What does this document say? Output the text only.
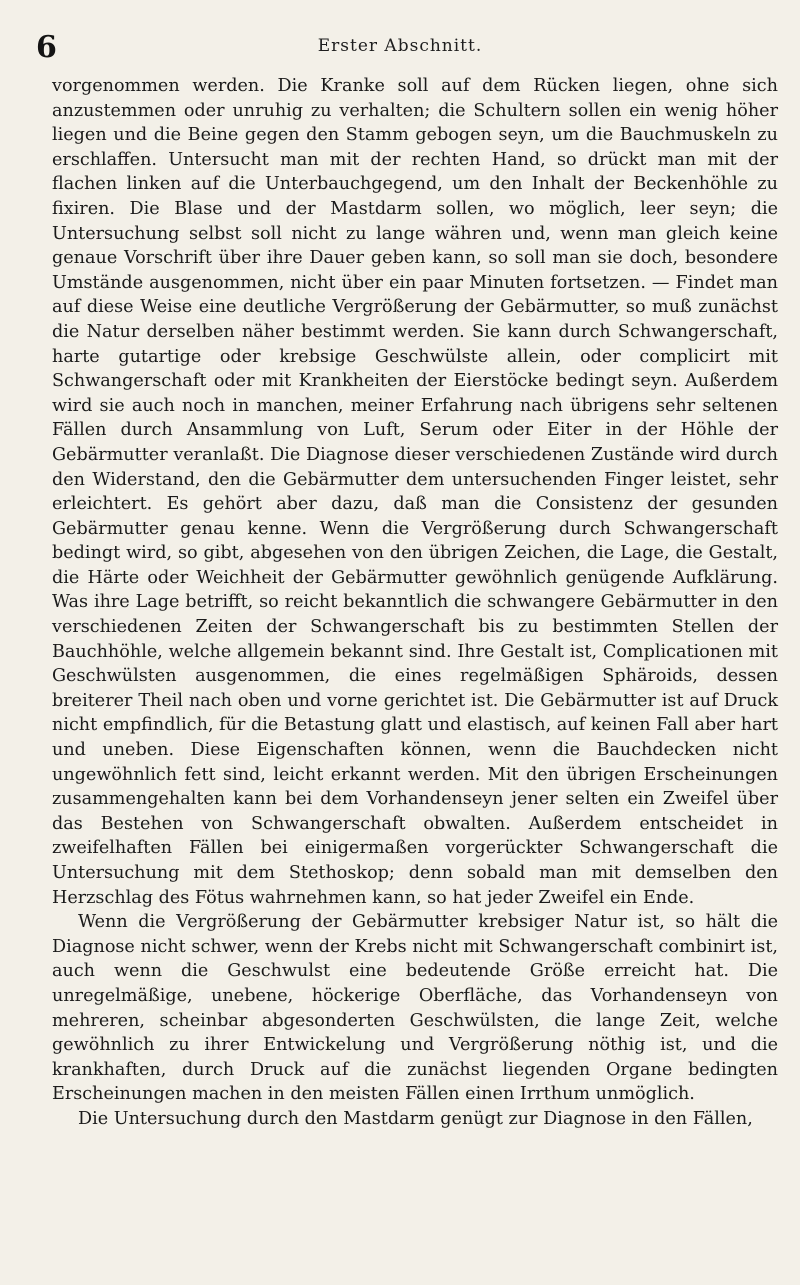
6	Erster Abschnitt.

vorgenommen werden. Die Kranke soll auf dem Rücken liegen, ohne sich anzustemmen oder unruhig zu verhalten; die Schultern sollen ein wenig höher liegen und die Beine gegen den Stamm gebogen seyn, um die Bauchmuskeln zu erschlaffen. Untersucht man mit der rechten Hand, so drückt man mit der flachen linken auf die Unterbauchgegend, um den Inhalt der Beckenhöhle zu fixiren. Die Blase und der Mastdarm sollen, wo möglich, leer seyn; die Untersuchung selbst soll nicht zu lange währen und, wenn man gleich keine genaue Vorschrift über ihre Dauer geben kann, so soll man sie doch, besondere Umstände ausgenommen, nicht über ein paar Minuten fortsetzen. — Findet man auf diese Weise eine deutliche Vergrößerung der Gebärmutter, so muß zunächst die Natur derselben näher bestimmt werden. Sie kann durch Schwangerschaft, harte gutartige oder krebsige Geschwülste allein, oder complicirt mit Schwangerschaft oder mit Krankheiten der Eierstöcke bedingt seyn. Außerdem wird sie auch noch in manchen, meiner Erfahrung nach übrigens sehr seltenen Fällen durch Ansammlung von Luft, Serum oder Eiter in der Höhle der Gebärmutter veranlaßt. Die Diagnose dieser verschiedenen Zustände wird durch den Widerstand, den die Gebärmutter dem untersuchenden Finger leistet, sehr erleichtert. Es gehört aber dazu, daß man die Consistenz der gesunden Gebärmutter genau kenne. Wenn die Vergrößerung durch Schwangerschaft bedingt wird, so gibt, abgesehen von den übrigen Zeichen, die Lage, die Gestalt, die Härte oder Weichheit der Gebärmutter gewöhnlich genügende Aufklärung. Was ihre Lage betrifft, so reicht bekanntlich die schwangere Gebärmutter in den verschiedenen Zeiten der Schwangerschaft bis zu bestimmten Stellen der Bauchhöhle, welche allgemein bekannt sind. Ihre Gestalt ist, Complicationen mit Geschwülsten ausgenommen, die eines regelmäßigen Sphäroids, dessen breiterer Theil nach oben und vorne gerichtet ist. Die Gebärmutter ist auf Druck nicht empfindlich, für die Betastung glatt und elastisch, auf keinen Fall aber hart und uneben. Diese Eigenschaften können, wenn die Bauchdecken nicht ungewöhnlich fett sind, leicht erkannt werden. Mit den übrigen Erscheinungen zusammengehalten kann bei dem Vorhandenseyn jener selten ein Zweifel über das Bestehen von Schwangerschaft obwalten. Außerdem entscheidet in zweifelhaften Fällen bei einigermaßen vorgerückter Schwangerschaft die Untersuchung mit dem Stethoskop; denn sobald man mit demselben den Herzschlag des Fötus wahrnehmen kann, so hat jeder Zweifel ein Ende.

Wenn die Vergrößerung der Gebärmutter krebsiger Natur ist, so hält die Diagnose nicht schwer, wenn der Krebs nicht mit Schwangerschaft combinirt ist, auch wenn die Geschwulst eine bedeutende Größe erreicht hat. Die unregelmäßige, unebene, höckerige Oberfläche, das Vorhandenseyn von mehreren, scheinbar abgesonderten Geschwülsten, die lange Zeit, welche gewöhnlich zu ihrer Entwickelung und Vergrößerung nöthig ist, und die krankhaften, durch Druck auf die zunächst liegenden Organe bedingten Erscheinungen machen in den meisten Fällen einen Irrthum unmöglich.

Die Untersuchung durch den Mastdarm genügt zur Diagnose in den Fällen,
